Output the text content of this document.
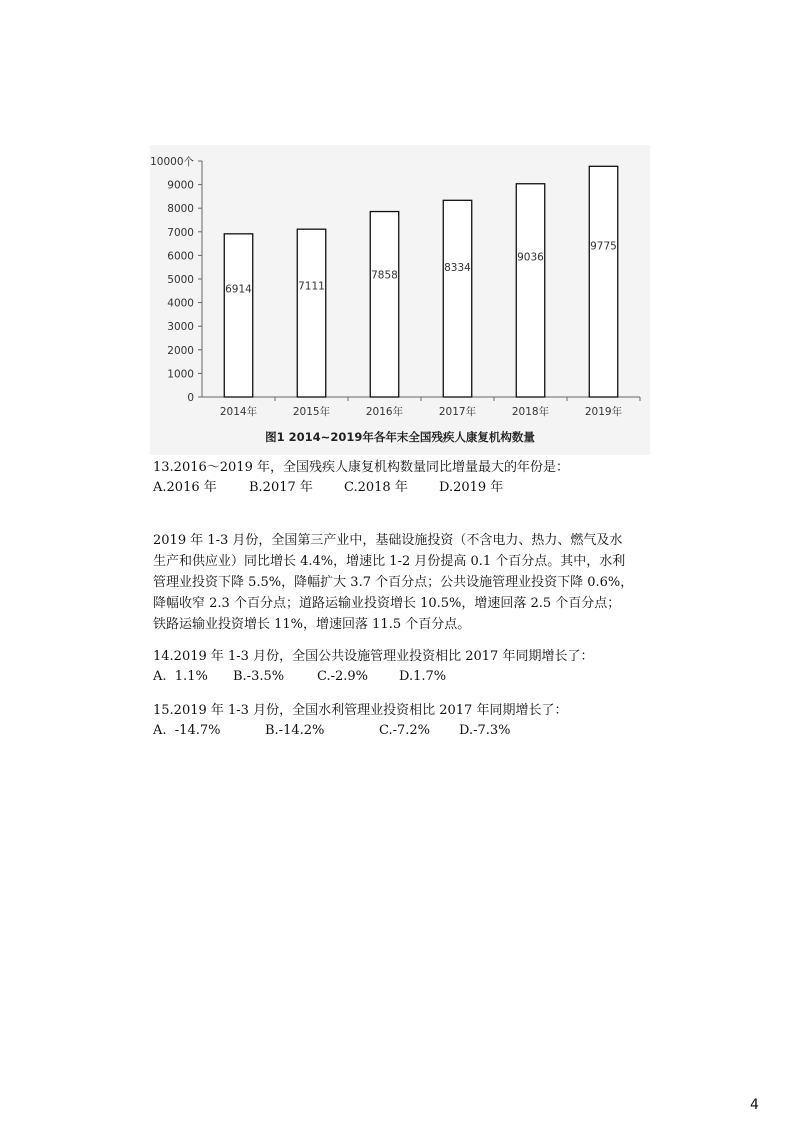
0
1000
2000
3000
4000
5000
6000
7000
8000
9000
10000个
6914
2014年
7111
2015年
7858
2016年
8334
2017年
9036
2018年
9775
2019年
图1 2014~2019年各年末全国残疾人康复机构数量
13.2016～2019 年，全国残疾人康复机构数量同比增量最大的年份是：
A.2016 年 B.2017 年 C.2018 年 D.2019 年
2019 年 1-3 月份，全国第三产业中，基础设施投资（不含电力、热力、燃气及水
生产和供应业）同比增长 4.4%，增速比 1-2 月份提高 0.1 个百分点。其中，水利
管理业投资下降 5.5%，降幅扩大 3.7 个百分点；公共设施管理业投资下降 0.6%，
降幅收窄 2.3 个百分点；道路运输业投资增长 10.5%，增速回落 2.5 个百分点；
铁路运输业投资增长 11%，增速回落 11.5 个百分点。
14.2019 年 1-3 月份，全国公共设施管理业投资相比 2017 年同期增长了：
A.  1.1% B.-3.5%	C.-2.9% D.1.7%
15.2019 年 1-3 月份，全国水利管理业投资相比 2017 年同期增长了：
A.  -14.7%	B.-14.2%	C.-7.2% D.-7.3%
4
